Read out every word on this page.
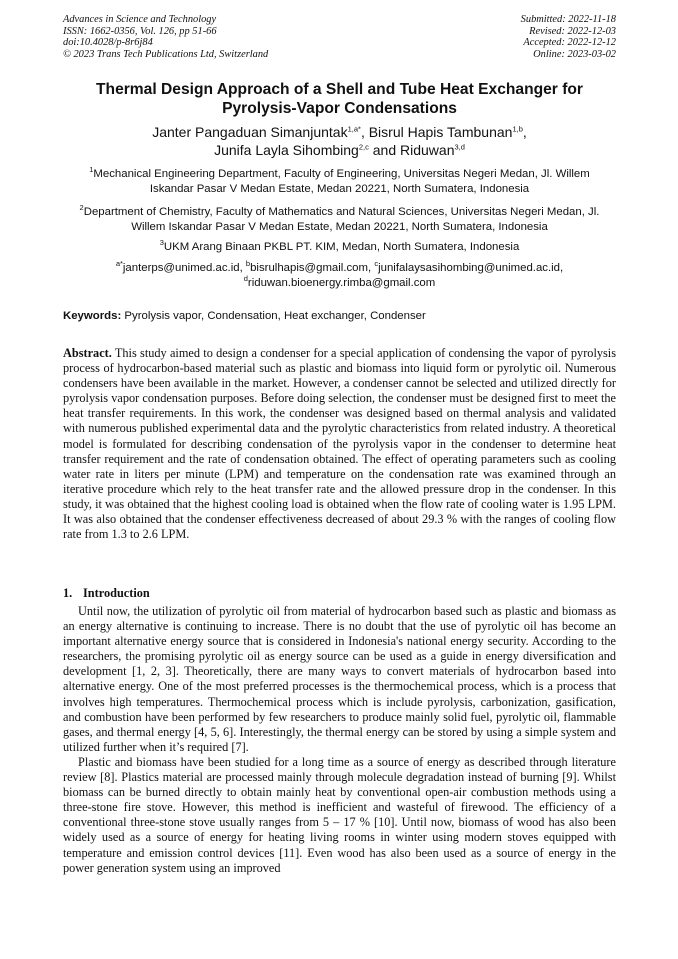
Advances in Science and Technology
ISSN: 1662-0356, Vol. 126, pp 51-66
doi:10.4028/p-8r6j84
© 2023 Trans Tech Publications Ltd, Switzerland
Submitted: 2022-11-18
Revised: 2022-12-03
Accepted: 2022-12-12
Online: 2023-03-02
Thermal Design Approach of a Shell and Tube Heat Exchanger for
Pyrolysis-Vapor Condensations
Janter Pangaduan Simanjuntak$^{1,a*}$, Bisrul Hapis Tambunan$^{1,b}$,
Junifa Layla Sihombing$^{2,c}$ and Riduwan$^{3,d}$
$^1$Mechanical Engineering Department, Faculty of Engineering, Universitas Negeri Medan, Jl. Willem Iskandar Pasar V Medan Estate, Medan 20221, North Sumatera, Indonesia
$^2$Department of Chemistry, Faculty of Mathematics and Natural Sciences, Universitas Negeri Medan, Jl. Willem Iskandar Pasar V Medan Estate, Medan 20221, North Sumatera, Indonesia
$^3$UKM Arang Binaan PKBL PT. KIM, Medan, North Sumatera, Indonesia
$^{a*}$janterps@unimed.ac.id, $^b$bisrulhapis@gmail.com, $^c$junifalaysasihombing@unimed.ac.id,
$^d$riduwan.bioenergy.rimba@gmail.com
Keywords: Pyrolysis vapor, Condensation, Heat exchanger, Condenser
Abstract. This study aimed to design a condenser for a special application of condensing the vapor of pyrolysis process of hydrocarbon-based material such as plastic and biomass into liquid form or pyrolytic oil. Numerous condensers have been available in the market. However, a condenser cannot be selected and utilized directly for pyrolysis vapor condensation purposes. Before doing selection, the condenser must be designed first to meet the heat transfer requirements. In this work, the condenser was designed based on thermal analysis and validated with numerous published experimental data and the pyrolytic characteristics from related industry. A theoretical model is formulated for describing condensation of the pyrolysis vapor in the condenser to determine heat transfer requirement and the rate of condensation obtained. The effect of operating parameters such as cooling water rate in liters per minute (LPM) and temperature on the condensation rate was examined through an iterative procedure which rely to the heat transfer rate and the allowed pressure drop in the condenser. In this study, it was obtained that the highest cooling load is obtained when the flow rate of cooling water is 1.95 LPM. It was also obtained that the condenser effectiveness decreased of about 29.3 % with the ranges of cooling flow rate from 1.3 to 2.6 LPM.
1. Introduction

Until now, the utilization of pyrolytic oil from material of hydrocarbon based such as plastic and biomass as an energy alternative is continuing to increase. There is no doubt that the use of pyrolytic oil has become an important alternative energy source that is considered in Indonesia's national energy security. According to the researchers, the promising pyrolytic oil as energy source can be used as a guide in energy diversification and development [1, 2, 3]. Theoretically, there are many ways to convert materials of hydrocarbon based into alternative energy. One of the most preferred processes is the thermochemical process, which is a process that involves high temperatures. Thermochemical process which is include pyrolysis, carbonization, gasification, and combustion have been performed by few researchers to produce mainly solid fuel, pyrolytic oil, flammable gases, and thermal energy [4, 5, 6]. Interestingly, the thermal energy can be stored by using a simple system and utilized further when it’s required [7].

Plastic and biomass have been studied for a long time as a source of energy as described through literature review [8]. Plastics material are processed mainly through molecule degradation instead of burning [9]. Whilst biomass can be burned directly to obtain mainly heat by conventional open-air combustion methods using a three-stone fire stove. However, this method is inefficient and wasteful of firewood. The efficiency of a conventional three-stone stove usually ranges from 5 – 17 % [10]. Until now, biomass of wood has also been widely used as a source of energy for heating living rooms in winter using modern stoves equipped with temperature and emission control devices [11]. Even wood has also been used as a source of energy in the power generation system using an improved
